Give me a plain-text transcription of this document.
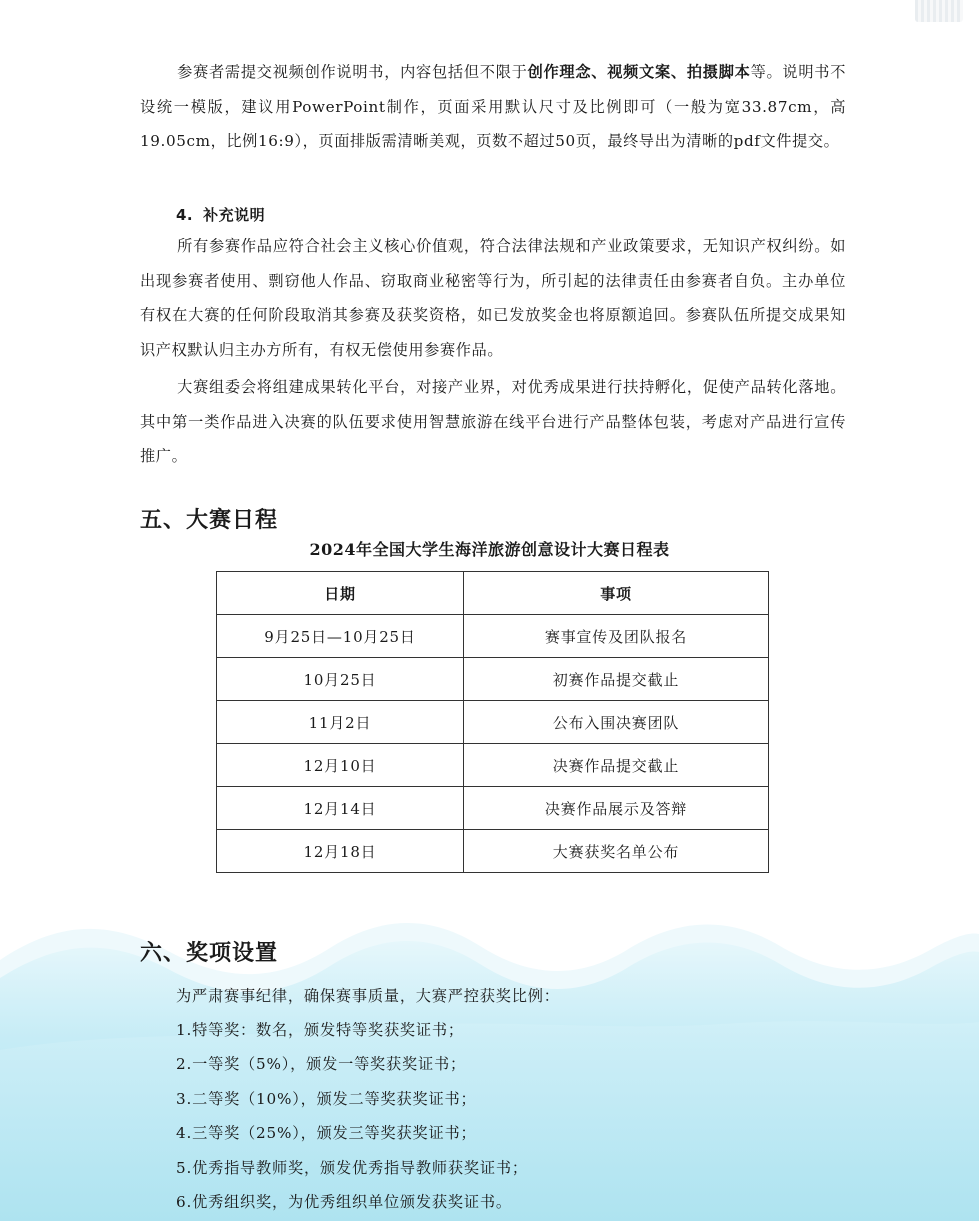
参赛者需提交视频创作说明书，内容包括但不限于创作理念、视频文案、拍摄脚本等。说明书不设统一模版，建议用PowerPoint制作，页面采用默认尺寸及比例即可（一般为宽33.87cm，高19.05cm，比例16:9），页面排版需清晰美观，页数不超过50页，最终导出为清晰的pdf文件提交。

4. 补充说明

所有参赛作品应符合社会主义核心价值观，符合法律法规和产业政策要求，无知识产权纠纷。如出现参赛者使用、剽窃他人作品、窃取商业秘密等行为，所引起的法律责任由参赛者自负。主办单位有权在大赛的任何阶段取消其参赛及获奖资格，如已发放奖金也将原额追回。参赛队伍所提交成果知识产权默认归主办方所有，有权无偿使用参赛作品。

大赛组委会将组建成果转化平台，对接产业界，对优秀成果进行扶持孵化，促使产品转化落地。其中第一类作品进入决赛的队伍要求使用智慧旅游在线平台进行产品整体包装，考虑对产品进行宣传推广。

五、大赛日程

2024年全国大学生海洋旅游创意设计大赛日程表

日期	事项
9月25日—10月25日	赛事宣传及团队报名
10月25日	初赛作品提交截止
11月2日	公布入围决赛团队
12月10日	决赛作品提交截止
12月14日	决赛作品展示及答辩
12月18日	大赛获奖名单公布
六、奖项设置

为严肃赛事纪律，确保赛事质量，大赛严控获奖比例：

1.特等奖：数名，颁发特等奖获奖证书；

2.一等奖（5%），颁发一等奖获奖证书；

3.二等奖（10%），颁发二等奖获奖证书；

4.三等奖（25%），颁发三等奖获奖证书；

5.优秀指导教师奖，颁发优秀指导教师获奖证书；

6.优秀组织奖，为优秀组织单位颁发获奖证书。
